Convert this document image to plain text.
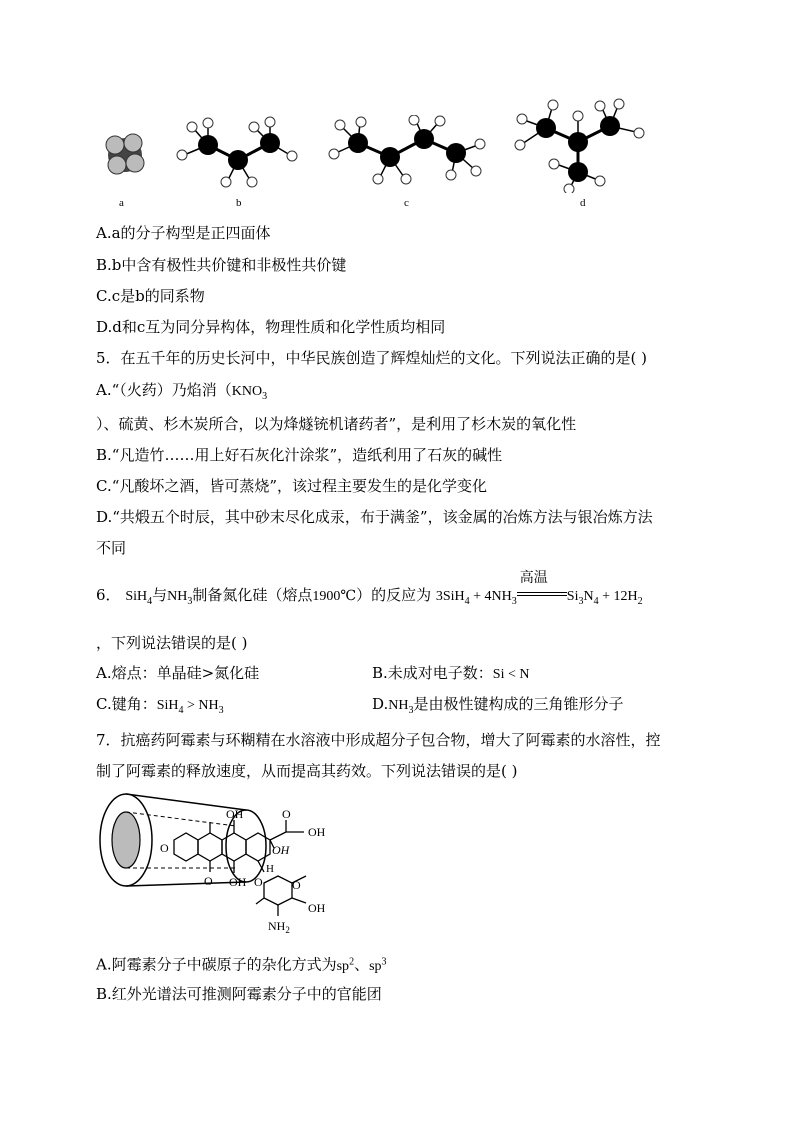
a	b	c	d
A.a的分子构型是正四面体
B.b中含有极性共价键和非极性共价键
C.c是b的同系物
D.d和c互为同分异构体，物理性质和化学性质均相同
5．在五千年的历史长河中，中华民族创造了辉煌灿烂的文化。下列说法正确的是( )
A.“（火药）乃焰消（$KNO_3$
）、硫黄、杉木炭所合，以为烽燧铳机诸药者”，是利用了杉木炭的氧化性
B.“凡造竹……用上好石灰化汁涂浆”，造纸利用了石灰的碱性
C.“凡酸坏之酒，皆可蒸烧”，该过程主要发生的是化学变化
D.“共煅五个时辰，其中砂末尽化成汞，布于满釜”，该金属的冶炼方法与银冶炼方法
不同
6． SiH$_4$与$NH_3$制备氮化硅（熔点1900℃）的反应为 $3SiH_4 + 4NH_3$
高温
$Si_3N_4 + 12H_2$
，下列说法错误的是( )
A.熔点：单晶硅>氮化硅	B.未成对电子数：Si < N
C.键角：$SiH_4 > NH_3$	$D.NH_3$是由极性键构成的三角锥形分子
7．抗癌药阿霉素与环糊精在水溶液中形成超分子包合物，增大了阿霉素的水溶性，控
制了阿霉素的释放速度，从而提高其药效。下列说法错误的是( )
OH
OH
O
OH
OH
O
O
H
O O
OH
$NH_2$
A.阿霉素分子中碳原子的杂化方式为$sp^2$、$sp^3$
B.红外光谱法可推测阿霉素分子中的官能团
